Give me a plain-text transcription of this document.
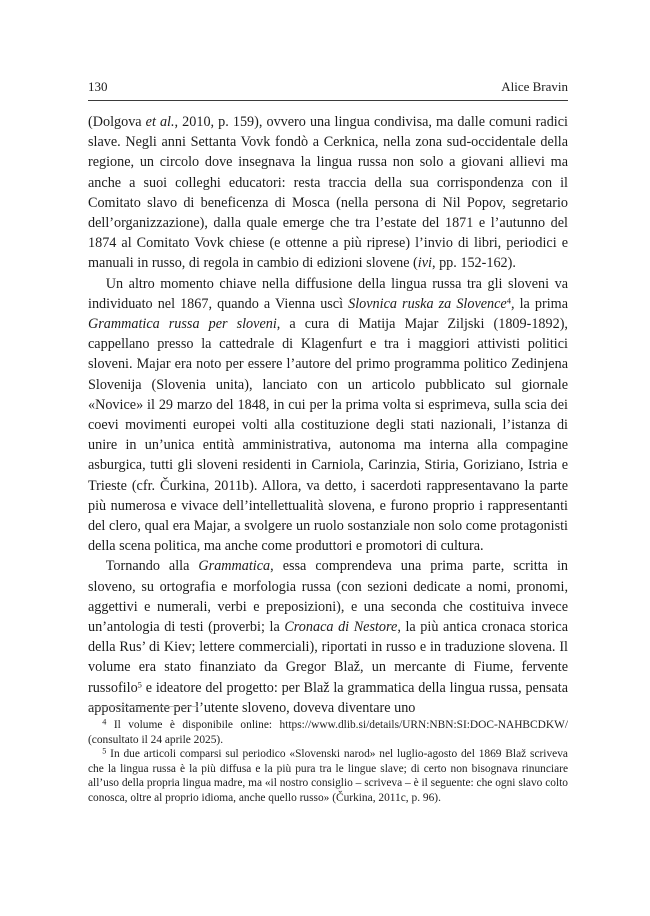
130	Alice Bravin

(Dolgova et al., 2010, p. 159), ovvero una lingua condivisa, ma dalle comuni radici slave. Negli anni Settanta Vovk fondò a Cerknica, nella zona sud-occidentale della regione, un circolo dove insegnava la lingua russa non solo a giovani allievi ma anche a suoi colleghi educatori: resta traccia della sua corrispondenza con il Comitato slavo di beneficenza di Mosca (nella persona di Nil Popov, segretario dell’organizzazione), dalla quale emerge che tra l’estate del 1871 e l’autunno del 1874 al Comitato Vovk chiese (e ottenne a più riprese) l’invio di libri, periodici e manuali in russo, di regola in cambio di edizioni slovene (ivi, pp. 152-162).

Un altro momento chiave nella diffusione della lingua russa tra gli sloveni va individuato nel 1867, quando a Vienna uscì Slovnica ruska za Slovence$^4$, la prima Grammatica russa per sloveni, a cura di Matija Majar Ziljski (1809-1892), cappellano presso la cattedrale di Klagenfurt e tra i maggiori attivisti politici sloveni. Majar era noto per essere l’autore del primo programma politico Zedinjena Slovenija (Slovenia unita), lanciato con un articolo pubblicato sul giornale «Novice» il 29 marzo del 1848, in cui per la prima volta si esprimeva, sulla scia dei coevi movimenti europei volti alla costituzione degli stati nazionali, l’istanza di unire in un’unica entità amministrativa, autonoma ma interna alla compagine asburgica, tutti gli sloveni residenti in Carniola, Carinzia, Stiria, Goriziano, Istria e Trieste (cfr. Čurkina, 2011b). Allora, va detto, i sacerdoti rappresentavano la parte più numerosa e vivace dell’intellettualità slovena, e furono proprio i rappresentanti del clero, qual era Majar, a svolgere un ruolo sostanziale non solo come protagonisti della scena politica, ma anche come produttori e promotori di cultura.

Tornando alla Grammatica, essa comprendeva una prima parte, scritta in sloveno, su ortografia e morfologia russa (con sezioni dedicate a nomi, pronomi, aggettivi e numerali, verbi e preposizioni), e una seconda che costituiva invece un’antologia di testi (proverbi; la Cronaca di Nestore, la più antica cronaca storica della Rus’ di Kiev; lettere commerciali), riportati in russo e in traduzione slovena. Il volume era stato finanziato da Gregor Blaž, un mercante di Fiume, fervente russofilo$^5$ e ideatore del progetto: per Blaž la grammatica della lingua russa, pensata appositamente per l’utente sloveno, doveva diventare uno

$^4$ Il volume è disponibile online: https://www.dlib.si/details/URN:NBN:SI:DOC-NAHBCDKW/ (consultato il 24 aprile 2025).

$^5$ In due articoli comparsi sul periodico «Slovenski narod» nel luglio-agosto del 1869 Blaž scriveva che la lingua russa è la più diffusa e la più pura tra le lingue slave; di certo non bisognava rinunciare all’uso della propria lingua madre, ma «il nostro consiglio – scriveva – è il seguente: che ogni slavo colto conosca, oltre al proprio idioma, anche quello russo» (Čurkina, 2011c, p. 96).
